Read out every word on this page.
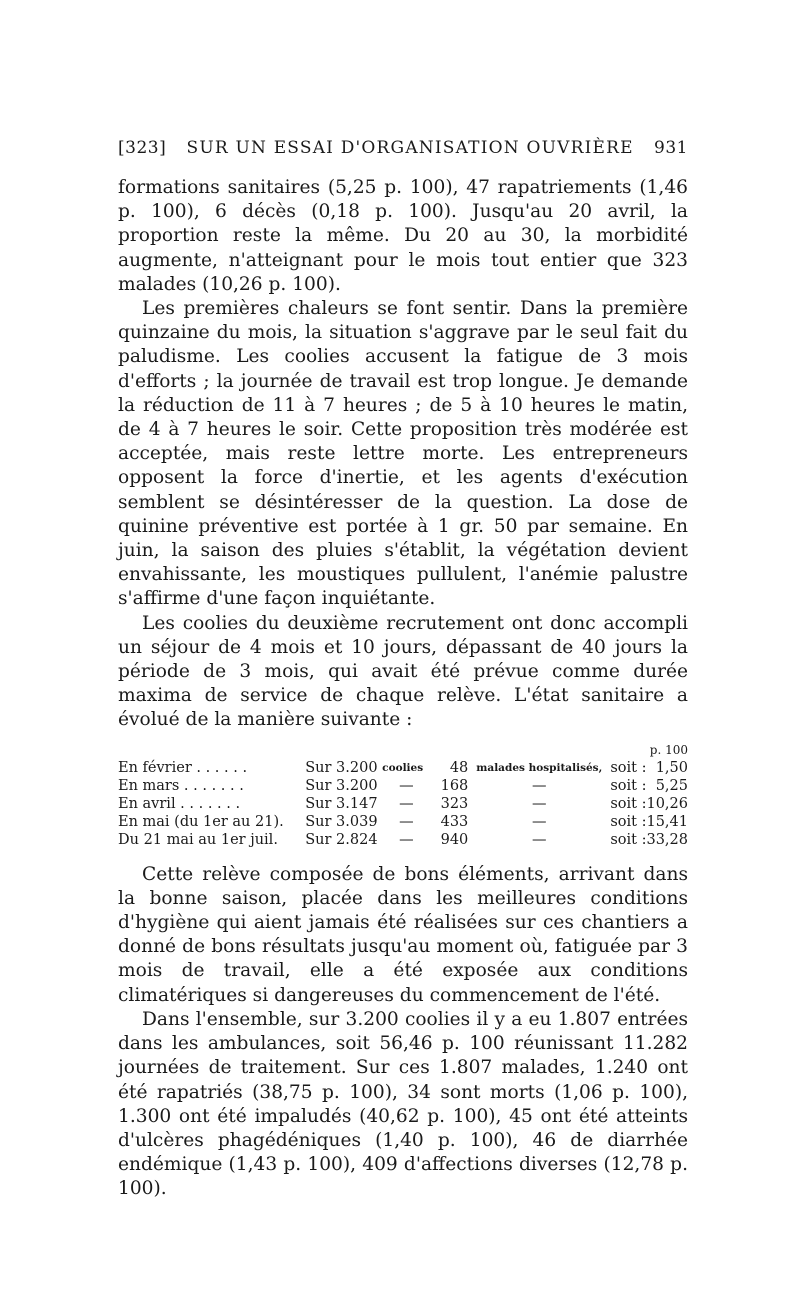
[323] SUR UN ESSAI D'ORGANISATION OUVRIÈRE 931

formations sanitaires (5,25 p. 100), 47 rapatriements (1,46 p. 100), 6 décès (0,18 p. 100). Jusqu'au 20 avril, la proportion reste la même. Du 20 au 30, la morbidité augmente, n'atteignant pour le mois tout entier que 323 malades (10,26 p. 100).

Les premières chaleurs se font sentir. Dans la première quinzaine du mois, la situation s'aggrave par le seul fait du paludisme. Les coolies accusent la fatigue de 3 mois d'efforts ; la journée de travail est trop longue. Je demande la réduction de 11 à 7 heures ; de 5 à 10 heures le matin, de 4 à 7 heures le soir. Cette proposition très modérée est acceptée, mais reste lettre morte. Les entrepreneurs opposent la force d'inertie, et les agents d'exécution semblent se désintéresser de la question. La dose de quinine préventive est portée à 1 gr. 50 par semaine. En juin, la saison des pluies s'établit, la végétation devient envahissante, les moustiques pullulent, l'anémie palustre s'affirme d'une façon inquiétante.

Les coolies du deuxième recrutement ont donc accompli un séjour de 4 mois et 10 jours, dépassant de 40 jours la période de 3 mois, qui avait été prévue comme durée maxima de service de chaque relève. L'état sanitaire a évolué de la manière suivante :

p. 100
En février . . . . . .	Sur 3.200	coolies	48	malades hospitalisés,	soit :	1,50
En mars . . . . . . .	Sur 3.200	—	168	—	soit :	5,25
En avril . . . . . . .	Sur 3.147	—	323	—	soit :	10,26
En mai (du 1er au 21).	Sur 3.039	—	433	—	soit :	15,41
Du 21 mai au 1er juil.	Sur 2.824	—	940	—	soit :	33,28

Cette relève composée de bons éléments, arrivant dans la bonne saison, placée dans les meilleures conditions d'hygiène qui aient jamais été réalisées sur ces chantiers a donné de bons résultats jusqu'au moment où, fatiguée par 3 mois de travail, elle a été exposée aux conditions climatériques si dangereuses du commencement de l'été.

Dans l'ensemble, sur 3.200 coolies il y a eu 1.807 entrées dans les ambulances, soit 56,46 p. 100 réunissant 11.282 journées de traitement. Sur ces 1.807 malades, 1.240 ont été rapatriés (38,75 p. 100), 34 sont morts (1,06 p. 100), 1.300 ont été impaludés (40,62 p. 100), 45 ont été atteints d'ulcères phagédéniques (1,40 p. 100), 46 de diarrhée endémique (1,43 p. 100), 409 d'affections diverses (12,78 p. 100).
